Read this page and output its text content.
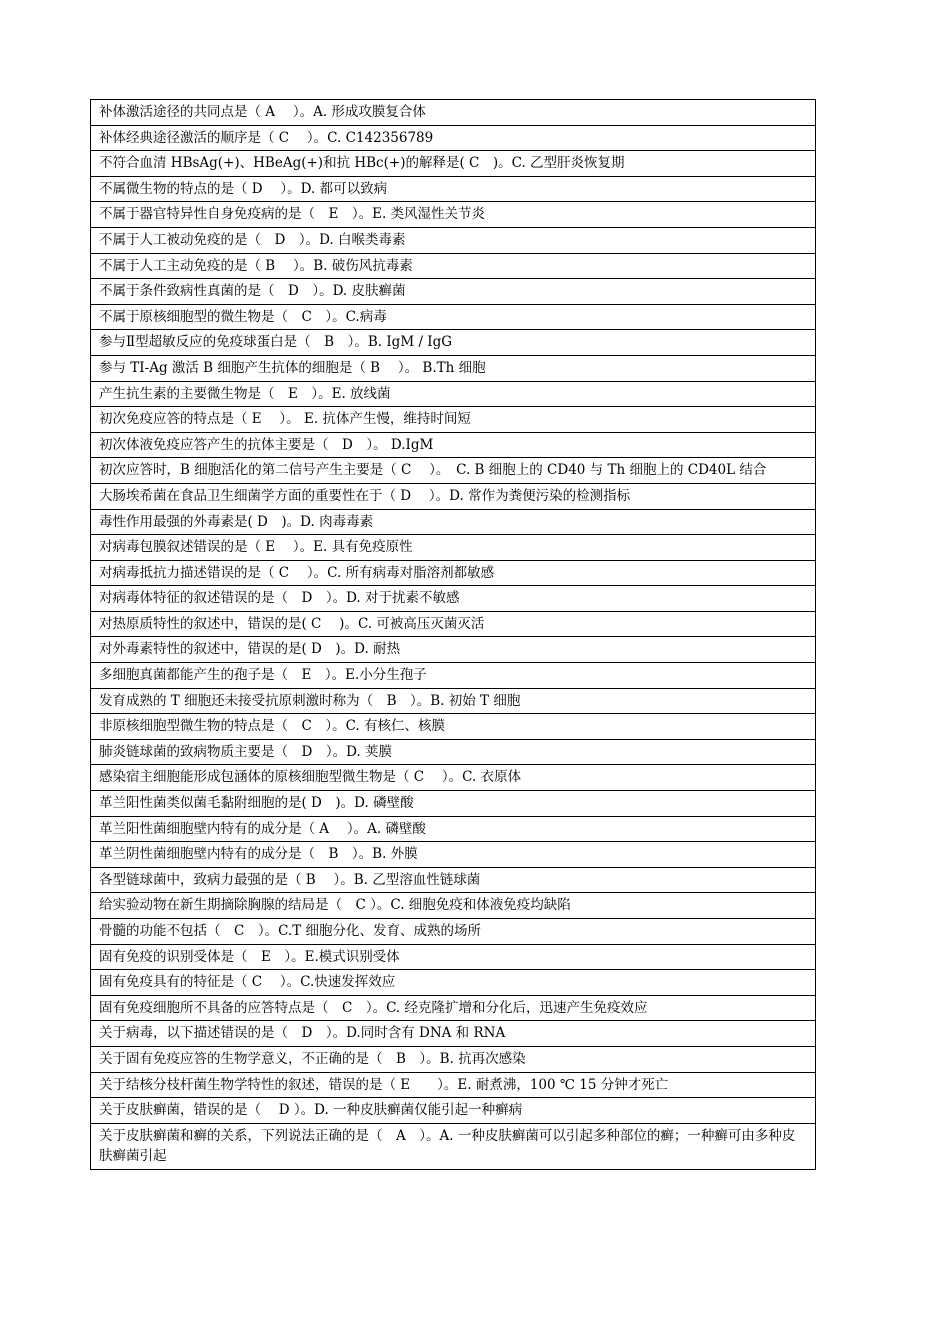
补体激活途径的共同点是（ A　 ）。A. 形成攻膜复合体
补体经典途径激活的顺序是（ C　 ）。C. C142356789
不符合血清 HBsAg(+)、HBeAg(+)和抗 HBc(+)的解释是( C　)。C. 乙型肝炎恢复期
不属微生物的特点的是（ D　 ）。D. 都可以致病
不属于器官特异性自身免疫病的是（　E　）。E. 类风湿性关节炎
不属于人工被动免疫的是（　D　）。D. 白喉类毒素
不属于人工主动免疫的是（ B　 ）。B. 破伤风抗毒素
不属于条件致病性真菌的是（　D　）。D. 皮肤癣菌
不属于原核细胞型的微生物是（　C　）。C.病毒
参与Ⅱ型超敏反应的免疫球蛋白是（　B　）。B. IgM / IgG
参与 TI-Ag 激活 B 细胞产生抗体的细胞是（ B　 ）。 B.Th 细胞
产生抗生素的主要微生物是（　E　）。E. 放线菌
初次免疫应答的特点是（ E　 ）。 E. 抗体产生慢，维持时间短
初次体液免疫应答产生的抗体主要是（　D　）。 D.IgM
初次应答时，B 细胞活化的第二信号产生主要是（ C　 ）。　C. B 细胞上的 CD40 与 Th 细胞上的 CD40L 结合
大肠埃希菌在食品卫生细菌学方面的重要性在于（ D　 ）。D. 常作为粪便污染的检测指标
毒性作用最强的外毒素是( D　)。D. 肉毒毒素
对病毒包膜叙述错误的是（ E　 ）。E. 具有免疫原性
对病毒抵抗力描述错误的是（ C　 ）。C. 所有病毒对脂溶剂都敏感
对病毒体特征的叙述错误的是（　D　）。D. 对于扰素不敏感
对热原质特性的叙述中，错误的是( C　 )。C. 可被高压灭菌灭活
对外毒素特性的叙述中，错误的是( D　)。D. 耐热
多细胞真菌都能产生的孢子是（　E　）。E.小分生孢子
发育成熟的 T 细胞还未接受抗原刺激时称为（　B　）。B. 初始 T 细胞
非原核细胞型微生物的特点是（　C　）。C. 有核仁、核膜
肺炎链球菌的致病物质主要是（　D　）。D. 荚膜
感染宿主细胞能形成包涵体的原核细胞型微生物是（ C　 ）。C. 衣原体
革兰阳性菌类似菌毛黏附细胞的是( D　)。D. 磷壁酸
革兰阳性菌细胞壁内特有的成分是（ A　 ）。A. 磷壁酸
革兰阴性菌细胞壁内特有的成分是（　B　）。B. 外膜
各型链球菌中，致病力最强的是（ B　 ）。B. 乙型溶血性链球菌
给实验动物在新生期摘除胸腺的结局是（　C ）。C. 细胞免疫和体液免疫均缺陷
骨髓的功能不包括（　C　）。C.T 细胞分化、发育、成熟的场所
固有免疫的识别受体是（　E　）。E.模式识别受体
固有免疫具有的特征是（ C　 ）。C.快速发挥效应
固有免疫细胞所不具备的应答特点是（　C　）。C. 经克隆扩增和分化后，迅速产生免疫效应
关于病毒，以下描述错误的是（　D　）。D.同时含有 DNA 和 RNA
关于固有免疫应答的生物学意义，不正确的是（　B　）。B. 抗再次感染
关于结核分枝杆菌生物学特性的叙述，错误的是（ E　　）。E. 耐煮沸，100 ℃ 15 分钟才死亡
关于皮肤癣菌，错误的是（　 D ）。D. 一种皮肤癣菌仅能引起一种癣病
关于皮肤癣菌和癣的关系，下列说法正确的是（　A　）。A. 一种皮肤癣菌可以引起多种部位的癣；一种癣可由多种皮肤癣菌引起
